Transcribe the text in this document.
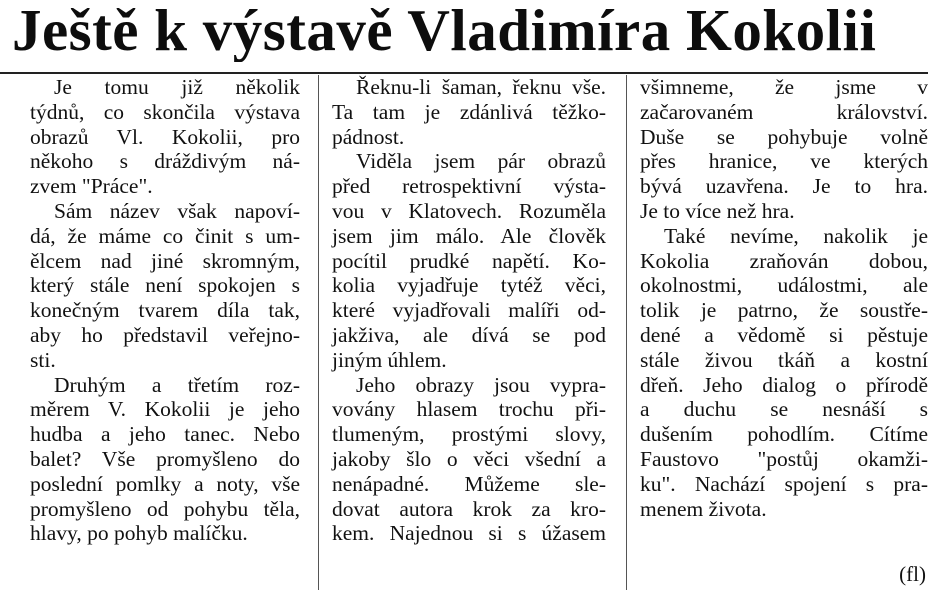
Ještě k výstavě Vladimíra Kokolii

Je tomu již několik
týdnů, co skončila výstava
obrazů Vl. Kokolii, pro
někoho s dráždivým ná-
zvem "Práce".

Sám název však napoví-
dá, že máme co činit s um-
ělcem nad jiné skromným,
který stále není spokojen s
konečným tvarem díla tak,
aby ho představil veřejno-
sti.

Druhým a třetím roz-
měrem V. Kokolii je jeho
hudba a jeho tanec. Nebo
balet? Vše promyšleno do
poslední pomlky a noty, vše
promyšleno od pohybu těla,
hlavy, po pohyb malíčku.

Řeknu-li šaman, řeknu vše.
Ta tam je zdánlivá těžko-
pádnost.

Viděla jsem pár obrazů
před retrospektivní výsta-
vou v Klatovech. Rozuměla
jsem jim málo. Ale člověk
pocítil prudké napětí. Ko-
kolia vyjadřuje tytéž věci,
které vyjadřovali malíři od-
jakživa, ale dívá se pod
jiným úhlem.

Jeho obrazy jsou vypra-
vovány hlasem trochu při-
tlumeným, prostými slovy,
jakoby šlo o věci všední a
nenápadné. Můžeme sle-
dovat autora krok za kro-
kem. Najednou si s úžasem

všimneme, že jsme v
začarovaném království.
Duše se pohybuje volně
přes hranice, ve kterých
bývá uzavřena. Je to hra.
Je to více než hra.

Také nevíme, nakolik je
Kokolia zraňován dobou,
okolnostmi, událostmi, ale
tolik je patrno, že soustře-
dené a vědomě si pěstuje
stále živou tkáň a kostní
dřeň. Jeho dialog o přírodě
a duchu se nesnáší s
dušením pohodlím. Cítíme
Faustovo "postůj okamži-
ku". Nachází spojení s pra-
menem života.

(fl)
